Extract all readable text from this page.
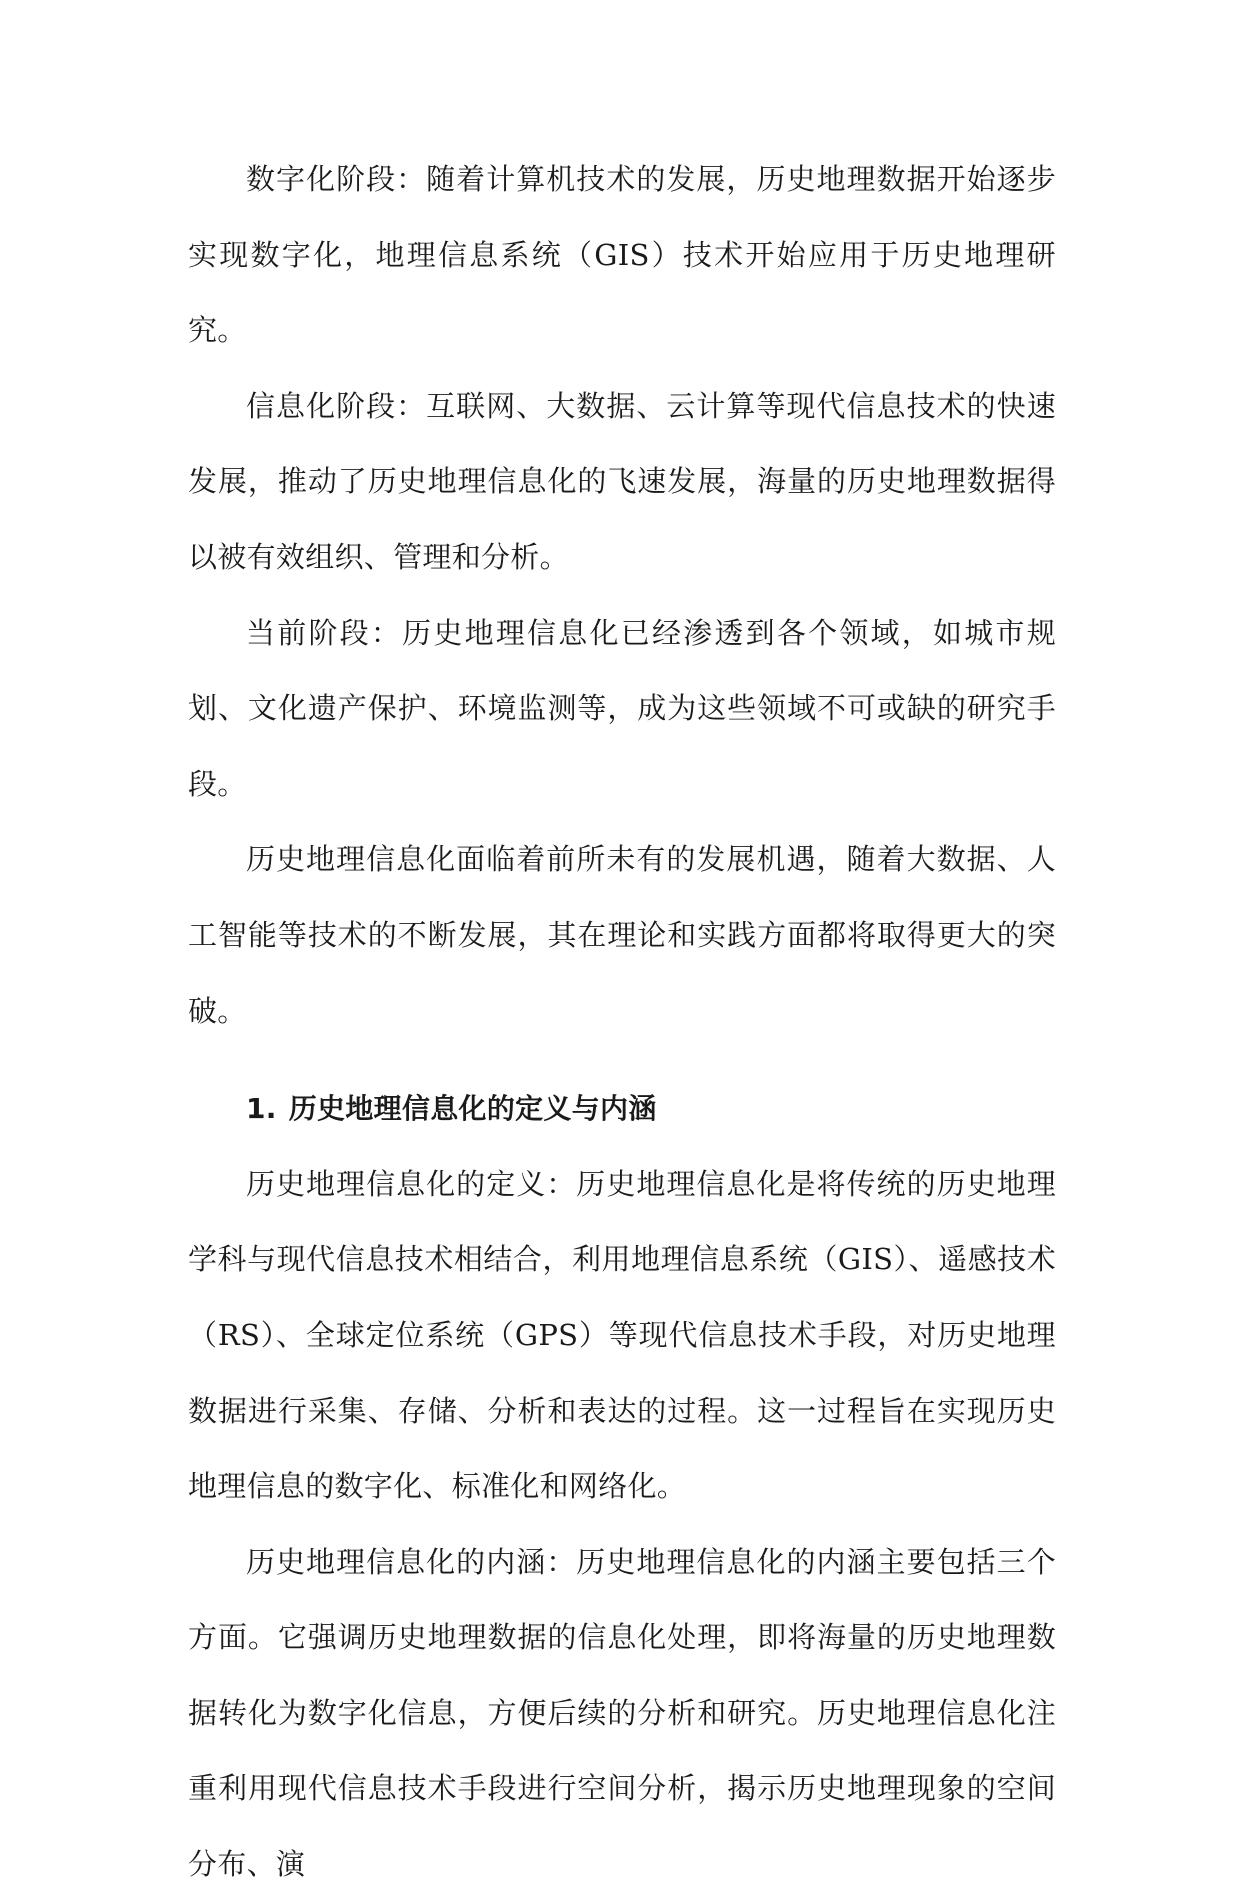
数字化阶段：随着计算机技术的发展，历史地理数据开始逐步实现数字化，地理信息系统（GIS）技术开始应用于历史地理研究。

信息化阶段：互联网、大数据、云计算等现代信息技术的快速发展，推动了历史地理信息化的飞速发展，海量的历史地理数据得以被有效组织、管理和分析。

当前阶段：历史地理信息化已经渗透到各个领域，如城市规划、文化遗产保护、环境监测等，成为这些领域不可或缺的研究手段。

历史地理信息化面临着前所未有的发展机遇，随着大数据、人工智能等技术的不断发展，其在理论和实践方面都将取得更大的突破。

1. 历史地理信息化的定义与内涵

历史地理信息化的定义：历史地理信息化是将传统的历史地理学科与现代信息技术相结合，利用地理信息系统（GIS）、遥感技术（RS）、全球定位系统（GPS）等现代信息技术手段，对历史地理数据进行采集、存储、分析和表达的过程。这一过程旨在实现历史地理信息的数字化、标准化和网络化。

历史地理信息化的内涵：历史地理信息化的内涵主要包括三个方面。它强调历史地理数据的信息化处理，即将海量的历史地理数据转化为数字化信息，方便后续的分析和研究。历史地理信息化注重利用现代信息技术手段进行空间分析，揭示历史地理现象的空间分布、演
